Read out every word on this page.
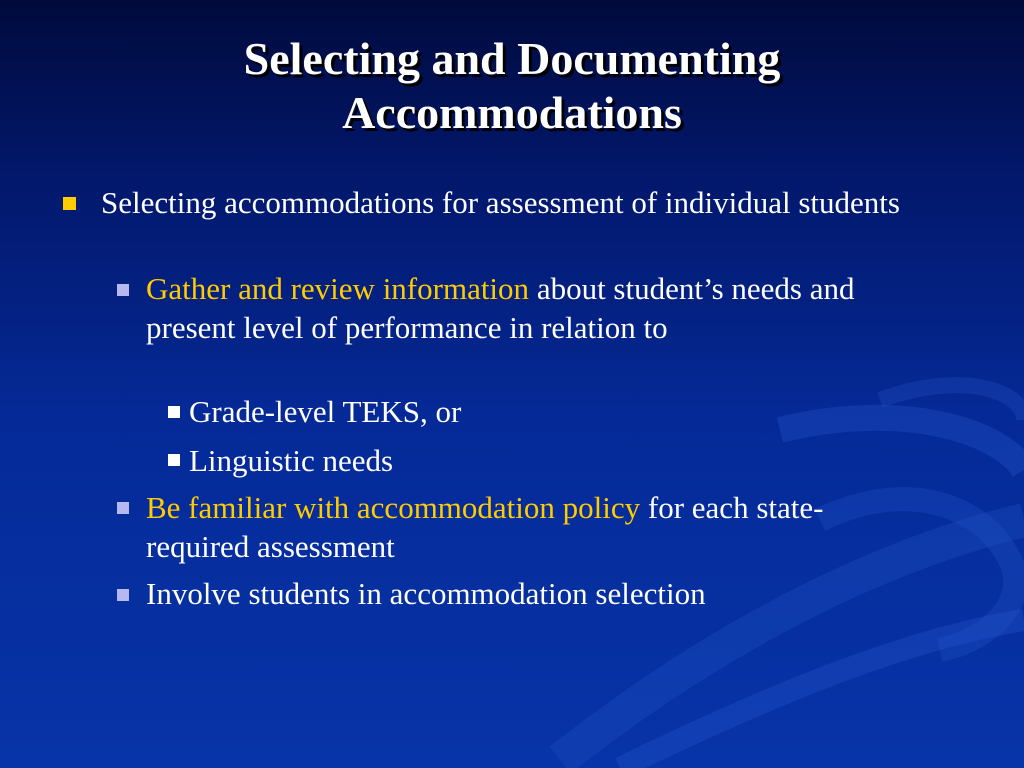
Selecting and Documenting
Accommodations
Selecting accommodations for assessment of individual students
Gather and review information about student’s needs and present level of performance in relation to
Grade-level TEKS, or
Linguistic needs
Be familiar with accommodation policy for each state-required assessment
Involve students in accommodation selection
